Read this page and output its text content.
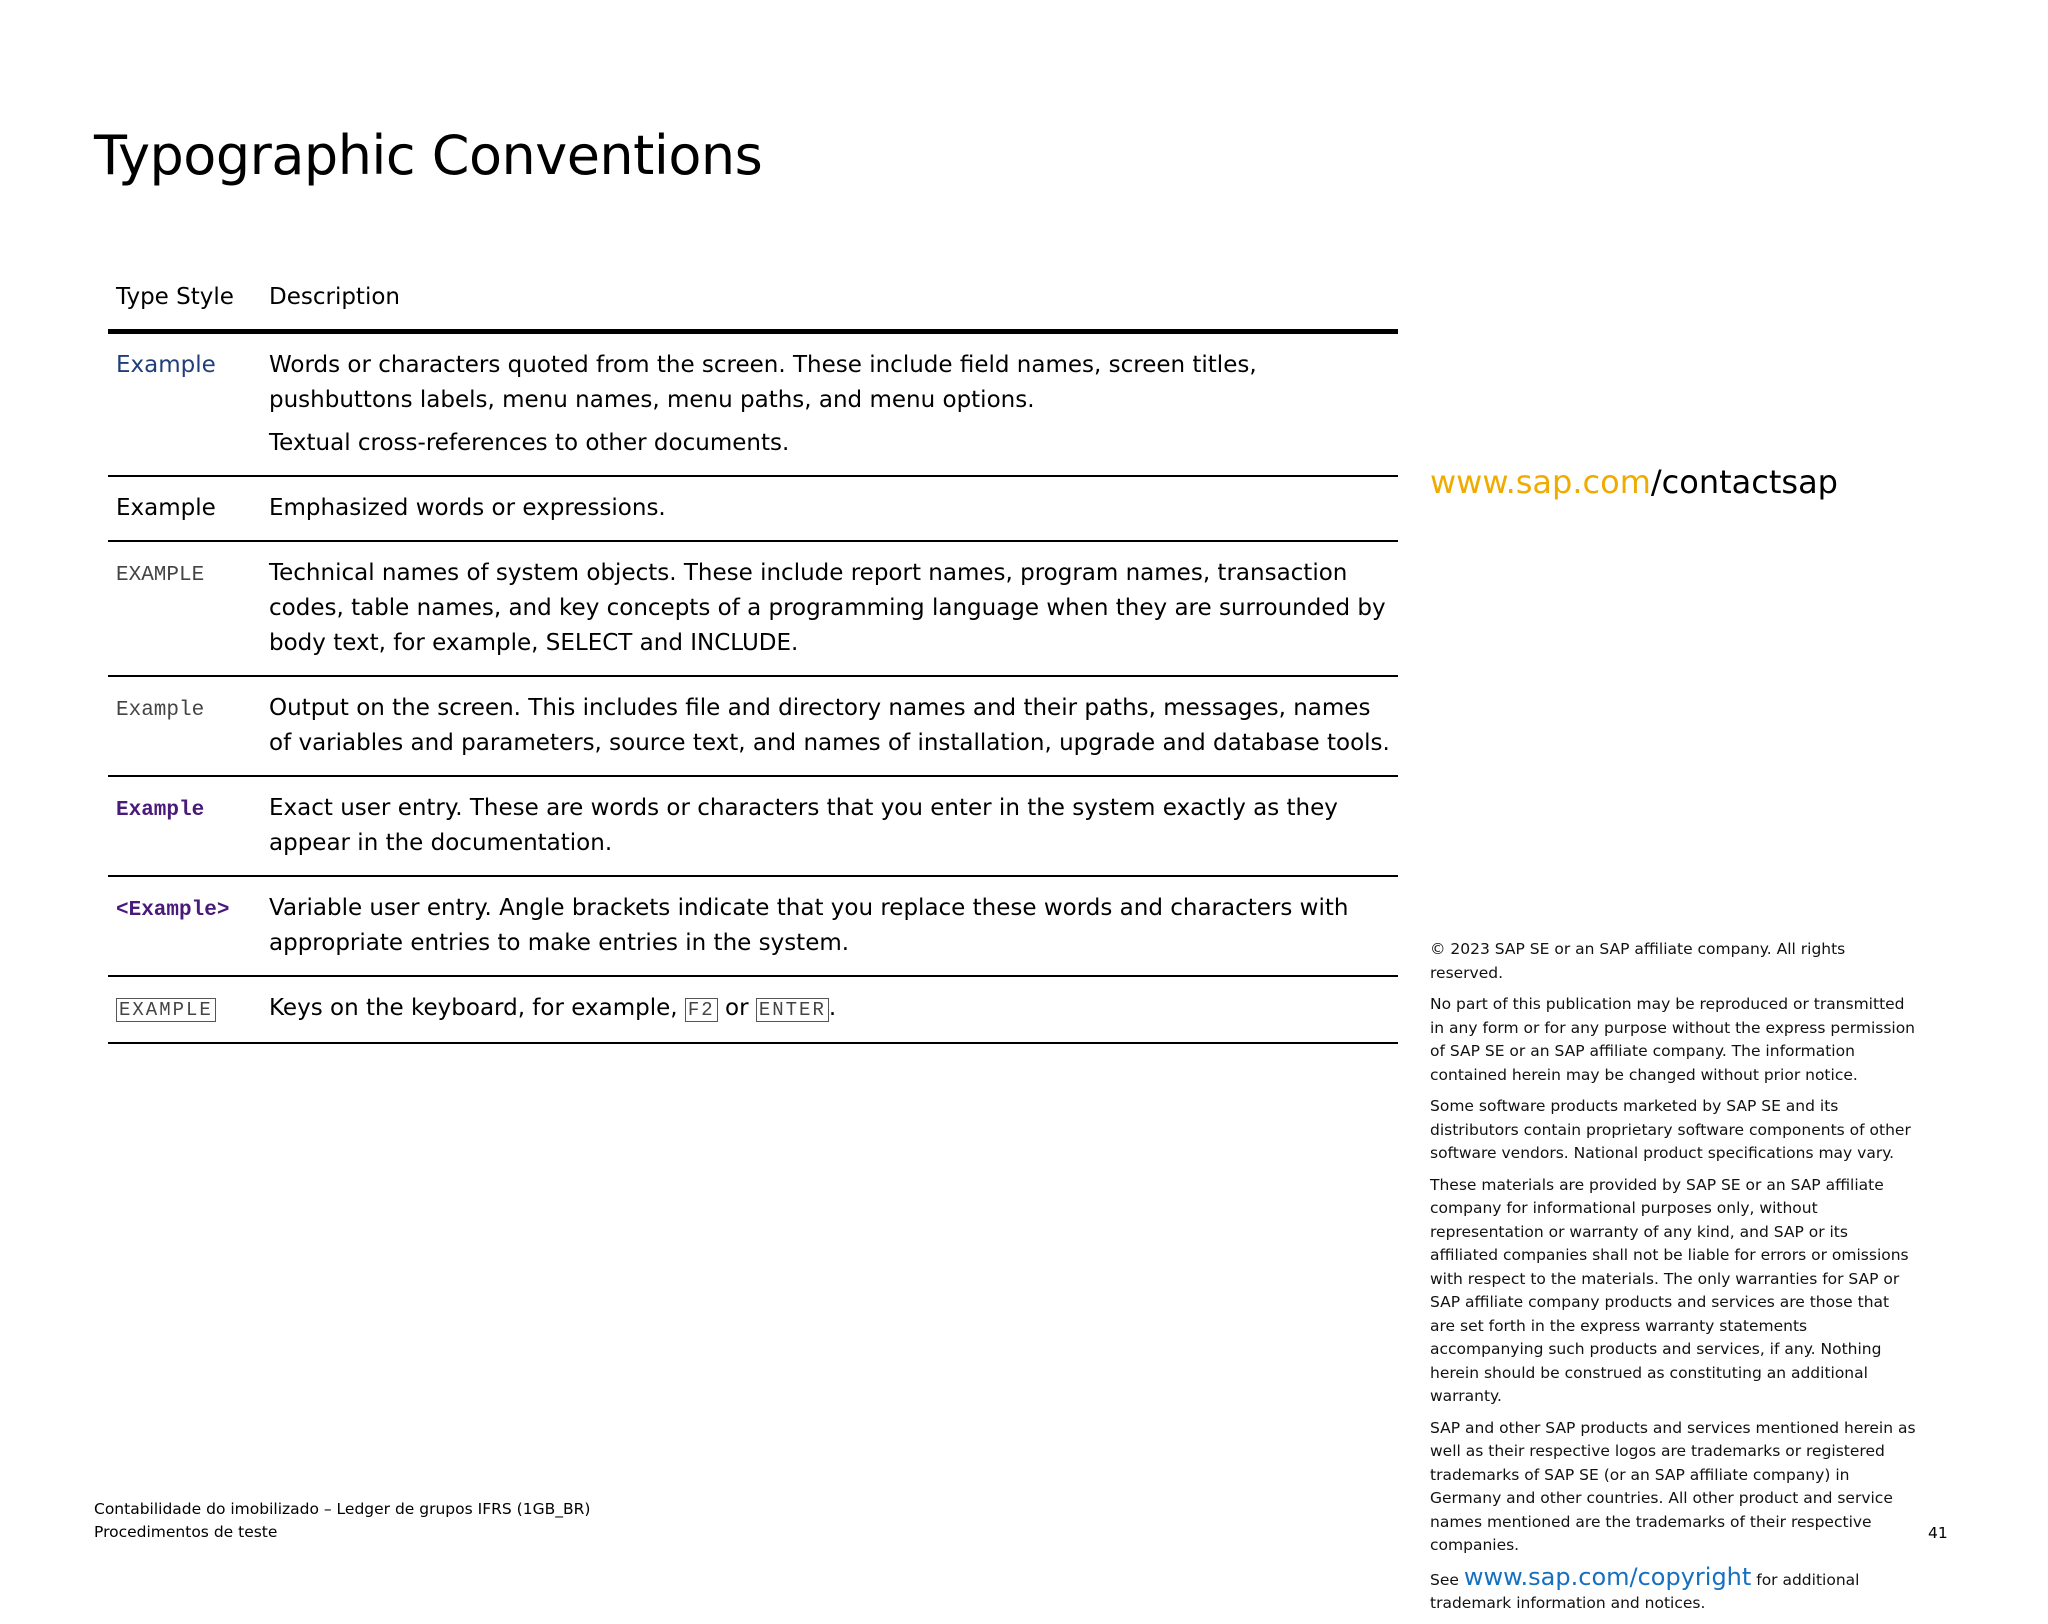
Typographic Conventions
Type Style	Description
Example	Words or characters quoted from the screen. These include field names, screen titles, pushbuttons labels, menu names, menu paths, and menu options.

Textual cross-references to other documents.

Example	Emphasized words or expressions.

EXAMPLE	Technical names of system objects. These include report names, program names, transaction codes, table names, and key concepts of a programming language when they are surrounded by body text, for example, SELECT and INCLUDE.

Example	Output on the screen. This includes file and directory names and their paths, messages, names of variables and parameters, source text, and names of installation, upgrade and database tools.

Example	Exact user entry. These are words or characters that you enter in the system exactly as they appear in the documentation.

<Example>	Variable user entry. Angle brackets indicate that you replace these words and characters with appropriate entries to make entries in the system.

EXAMPLE	Keys on the keyboard, for example, F2 or ENTER .

www.sap.com/contactsap

© 2023 SAP SE or an SAP affiliate company. All rights reserved.

No part of this publication may be reproduced or transmitted in any form or for any purpose without the express permission of SAP SE or an SAP affiliate company. The information contained herein may be changed without prior notice.

Some software products marketed by SAP SE and its distributors contain proprietary software components of other software vendors. National product specifications may vary.

These materials are provided by SAP SE or an SAP affiliate company for informational purposes only, without representation or warranty of any kind, and SAP or its affiliated companies shall not be liable for errors or omissions with respect to the materials. The only warranties for SAP or SAP affiliate company products and services are those that are set forth in the express warranty statements accompanying such products and services, if any. Nothing herein should be construed as constituting an additional warranty.

SAP and other SAP products and services mentioned herein as well as their respective logos are trademarks or registered trademarks of SAP SE (or an SAP affiliate company) in Germany and other countries. All other product and service names mentioned are the trademarks of their respective companies.

See www.sap.com/copyright for additional trademark information and notices.

Contabilidade do imobilizado – Ledger de grupos IFRS (1GB_BR)
Procedimentos de teste	41
